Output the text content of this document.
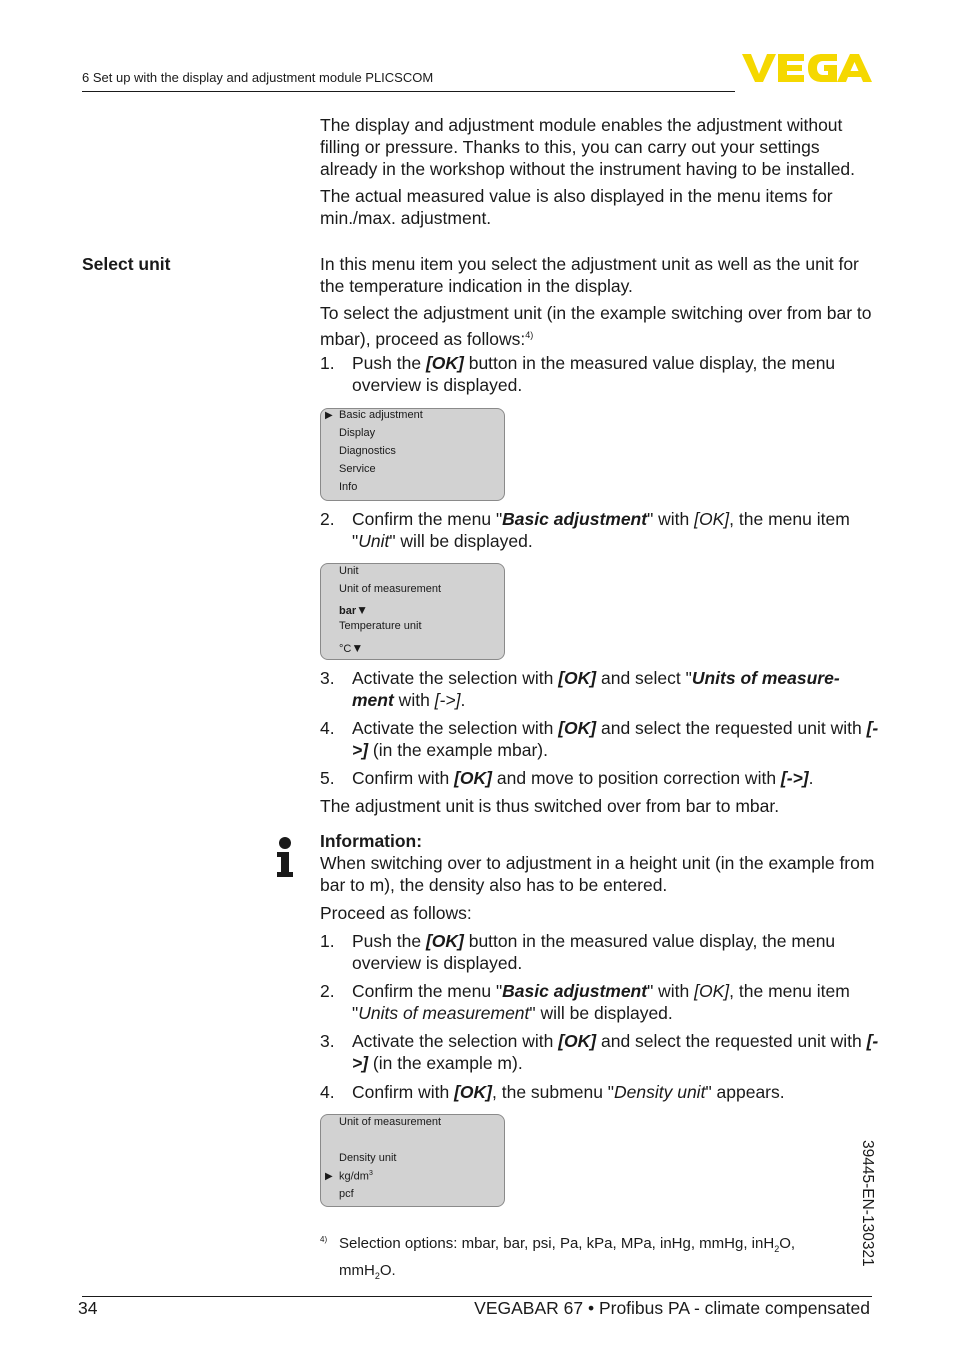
6 Set up with the display and adjustment module PLICSCOM

The display and adjustment module enables the adjustment without filling or pressure. Thanks to this, you can carry out your settings already in the workshop without the instrument having to be installed.

The actual measured value is also displayed in the menu items for min./max. adjustment.

Select unit	In this menu item you select the adjustment unit as well as the unit for the temperature indication in the display.

To select the adjustment unit (in the example switching over from bar to mbar), proceed as follows:$^{4)}$

1. Push the [OK] button in the measured value display, the menu overview is displayed.
▶ Basic adjustment
Display
Diagnostics
Service
Info
2. Confirm the menu "Basic adjustment" with [OK], the menu item "Unit" will be displayed.
Unit
Unit of measurement
bar▼
Temperature unit
°C▼
3. Activate the selection with [OK] and select "Units of measure-ment with [->].
4. Activate the selection with [OK] and select the requested unit with [->] (in the example mbar).
5. Confirm with [OK] and move to position correction with [->].

The adjustment unit is thus switched over from bar to mbar.

Information:

When switching over to adjustment in a height unit (in the example from bar to m), the density also has to be entered.

Proceed as follows:

1. Push the [OK] button in the measured value display, the menu overview is displayed.
2. Confirm the menu "Basic adjustment" with [OK], the menu item "Units of measurement" will be displayed.
3. Activate the selection with [OK] and select the requested unit with [->] (in the example m).
4. Confirm with [OK], the submenu "Density unit" appears.
Unit of measurement
Density unit
▶ $kg/dm^3$
pcf
4) Selection options: mbar, bar, psi, Pa, kPa, MPa, inHg, mmHg, inH$_2$O, mmH$_2$O.
39445-EN-130321
34	VEGABAR 67 • Profibus PA - climate compensated
